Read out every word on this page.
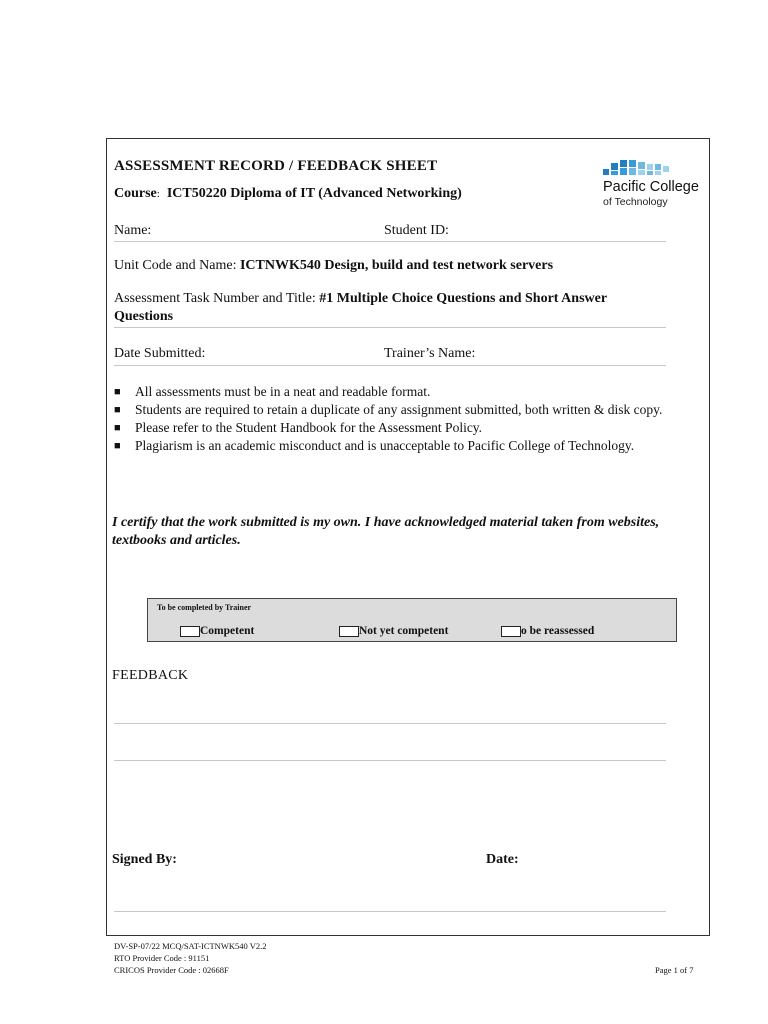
ASSESSMENT RECORD / FEEDBACK SHEET
Course: ICT50220 Diploma of IT (Advanced Networking)	Pacific College
of Technology
Name:	Student ID:
Unit Code and Name: ICTNWK540 Design, build and test network servers
Assessment Task Number and Title: #1 Multiple Choice Questions and Short Answer
Questions
Date Submitted:	Trainer’s Name:
■ All assessments must be in a neat and readable format.
■ Students are required to retain a duplicate of any assignment submitted, both written & disk copy.
■ Please refer to the Student Handbook for the Assessment Policy.
■ Plagiarism is an academic misconduct and is unacceptable to Pacific College of Technology.
I certify that the work submitted is my own. I have acknowledged material taken from websites, textbooks and articles.
To be completed by Trainer
Competent	Not yet competent	o be reassessed
FEEDBACK
Signed By:	Date:
DV-SP-07/22 MCQ/SAT-ICTNWK540 V2.2
RTO Provider Code : 91151
CRICOS Provider Code : 02668F	Page 1 of 7
